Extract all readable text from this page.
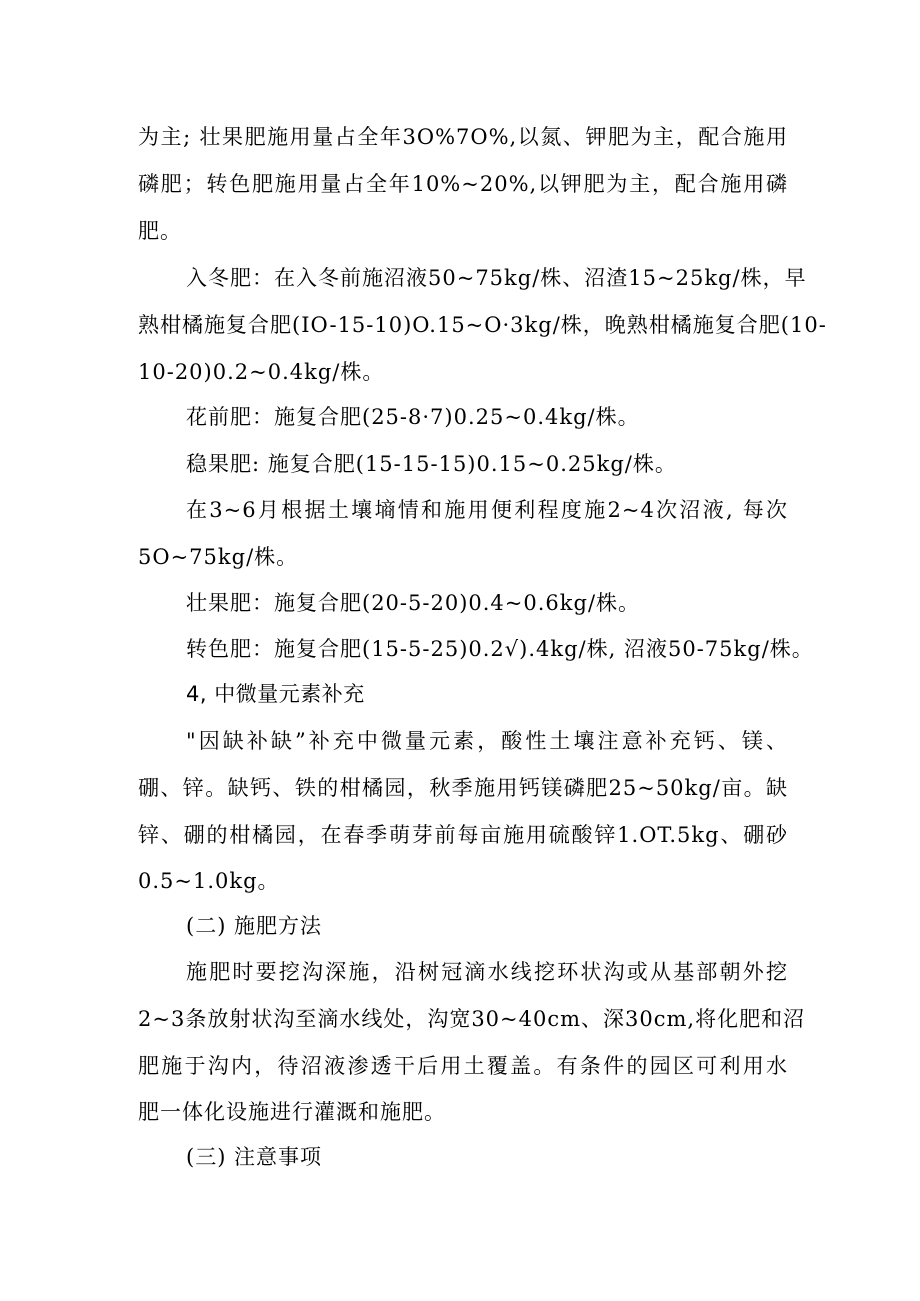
为主; 壮果肥施用量占全年3O%7O%,以氮、钾肥为主，配合施用
磷肥；转色肥施用量占全年10%~20%,以钾肥为主，配合施用磷
肥。
入冬肥：在入冬前施沼液50~75kg/株、沼渣15~25kg/株，早
熟柑橘施复合肥(IO-15-10)O.15~O·3kg/株，晚熟柑橘施复合肥(10-
10-20)0.2~0.4kg/株。
花前肥：施复合肥(25-8·7)0.25~0.4kg/株。
稳果肥: 施复合肥(15-15-15)0.15~0.25kg/株。
在3~6月根据土壤墒情和施用便利程度施2~4次沼液, 每次
5O~75kg/株。
壮果肥：施复合肥(20-5-20)0.4~0.6kg/株。
转色肥：施复合肥(15-5-25)0.2√).4kg/株, 沼液50-75kg/株。
4, 中微量元素补充
"因缺补缺”补充中微量元素，酸性土壤注意补充钙、镁、
硼、锌。缺钙、铁的柑橘园，秋季施用钙镁磷肥25~50kg/亩。缺
锌、硼的柑橘园，在春季萌芽前每亩施用硫酸锌1.OT.5kg、硼砂
0.5~1.0kg。
(二) 施肥方法
施肥时要挖沟深施，沿树冠滴水线挖环状沟或从基部朝外挖
2~3条放射状沟至滴水线处，沟宽30~40cm、深30cm,将化肥和沼
肥施于沟内，待沼液渗透干后用土覆盖。有条件的园区可利用水
肥一体化设施进行灌溉和施肥。
(三) 注意事项
